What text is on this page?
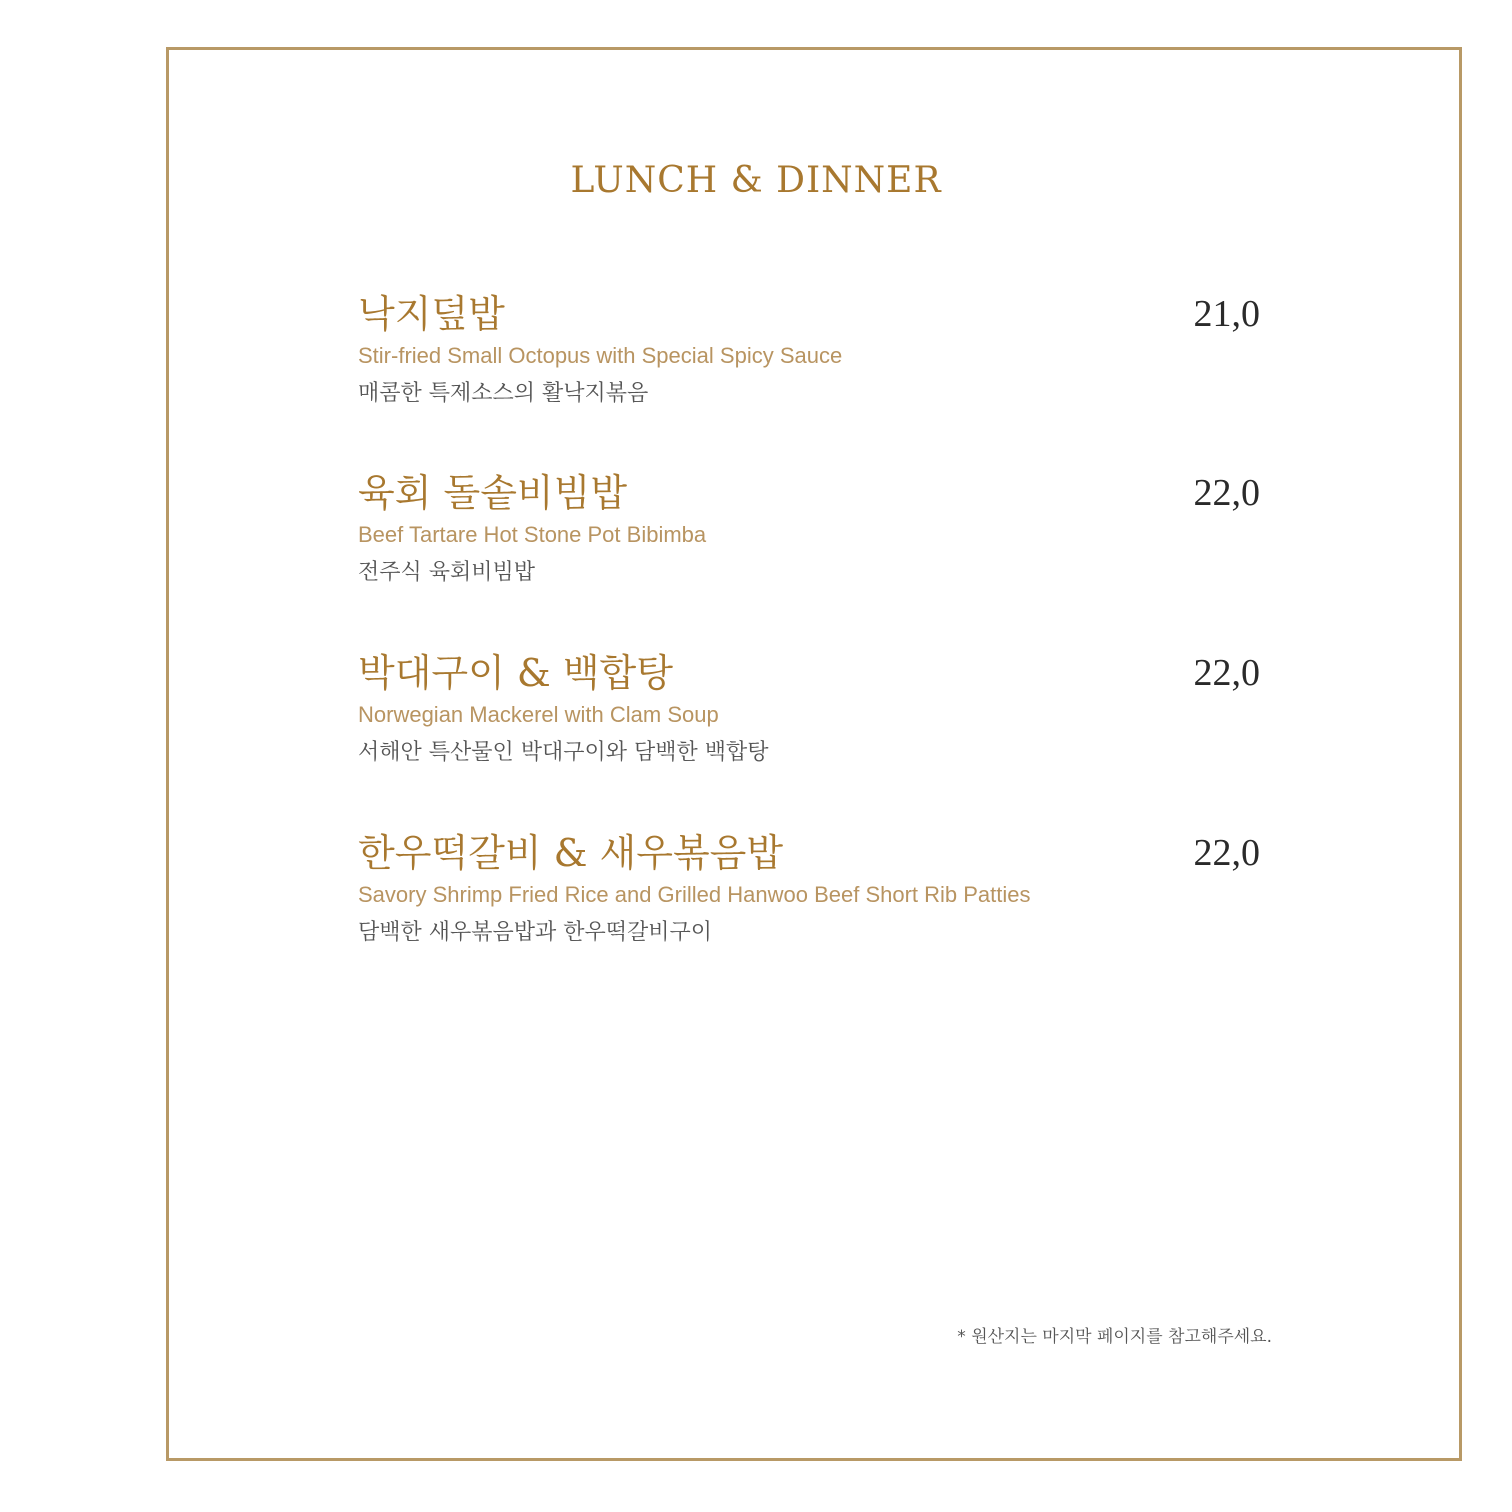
LUNCH & DINNER
낙지덮밥	21,0
Stir-fried Small Octopus with Special Spicy Sauce
매콤한 특제소스의 활낙지볶음
육회 돌솥비빔밥	22,0
Beef Tartare Hot Stone Pot Bibimba
전주식 육회비빔밥
박대구이 & 백합탕	22,0
Norwegian Mackerel with Clam Soup
서해안 특산물인 박대구이와 담백한 백합탕
한우떡갈비 & 새우볶음밥	22,0
Savory Shrimp Fried Rice and Grilled Hanwoo Beef Short Rib Patties
담백한 새우볶음밥과 한우떡갈비구이
* 원산지는 마지막 페이지를 참고해주세요.
